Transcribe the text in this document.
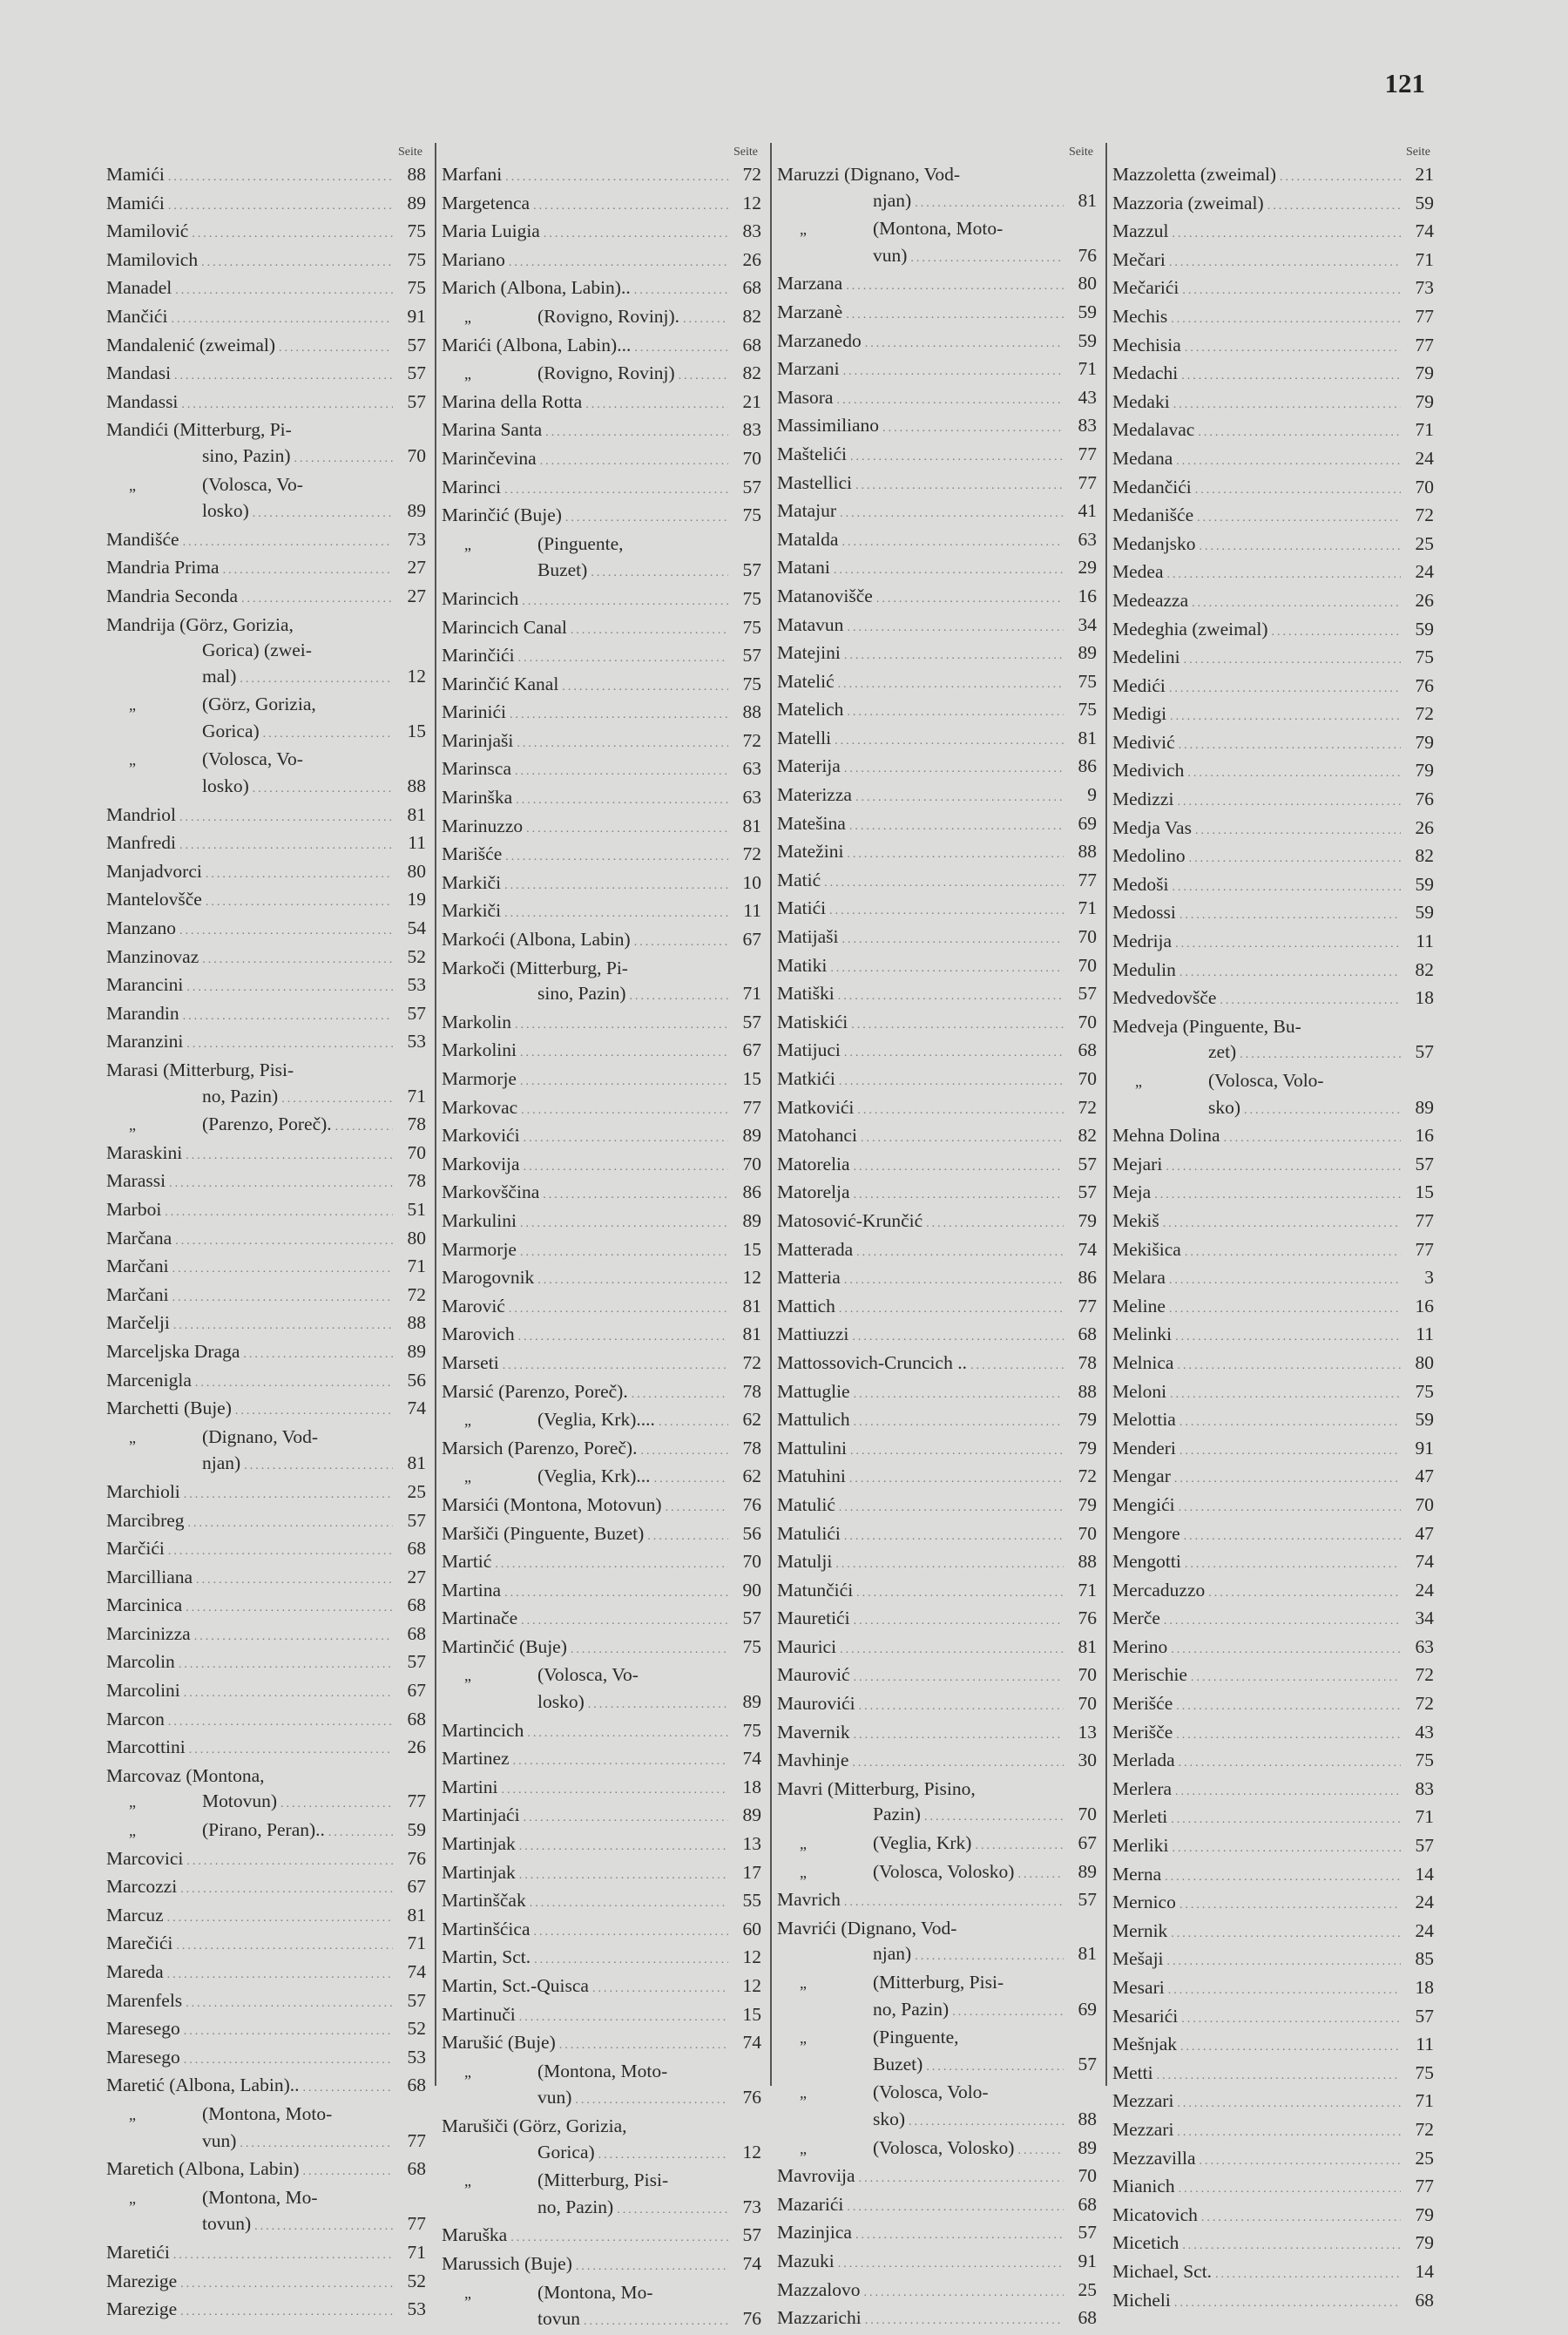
121
Seite
Mamići .....	88
Mamići .....	89
Mamilović .....	75
Mamilovich .....	75
Manadel .....	75
Mančići .....	91
Mandalenić (zweimal) .....	57
Mandasi .....	57
Mandassi .....	57
Mandići (Mitterburg, Pi-
sino, Pazin) .....	70
„	(Volosca, Vo-
losko) .....	89
Mandišće .....	73
Mandria Prima .....	27
Mandria Seconda .....	27
Mandrija (Görz, Gorizia,
Gorica) (zwei-
mal) .....	12
„	(Görz, Gorizia,
Gorica) .....	15
„	(Volosca, Vo-
losko) .....	88
Mandriol .....	81
Manfredi .....	11
Manjadvorci .....	80
Mantelovšče .....	19
Manzano .....	54
Manzinovaz .....	52
Marancini .....	53
Marandin .....	57
Maranzini .....	53
Marasi (Mitterburg, Pisi-
no, Pazin) .....	71
„	(Parenzo, Poreč). .....	78
Maraskini .....	70
Marassi .....	78
Marboi .....	51
Marčana .....	80
Marčani .....	71
Marčani .....	72
Marčelji .....	88
Marceljska Draga .....	89
Marcenigla .....	56
Marchetti (Buje) .....	74
„	(Dignano, Vod-
njan) .....	81
Marchioli .....	25
Marcibreg .....	57
Marčići .....	68
Marcilliana .....	27
Marcinica .....	68
Marcinizza .....	68
Marcolin .....	57
Marcolini .....	67
Marcon .....	68
Marcottini .....	26
Marcovaz (Montona,
„	Motovun) .....	77
„	(Pirano, Peran).. .....	59
Marcovici .....	76
Marcozzi .....	67
Marcuz .....	81
Marečići .....	71
Mareda .....	74
Marenfels .....	57
Maresego .....	52
Maresego .....	53
Maretić (Albona, Labin).. .....	68
„	(Montona, Moto-
vun) .....	77
Maretich (Albona, Labin) .....	68
„	(Montona, Mo-
tovun) .....	77
Maretići .....	71
Marezige .....	52
Marezige .....	53
Seite
Marfani .....	72
Margetenca .....	12
Maria Luigia .....	83
Mariano .....	26
Marich (Albona, Labin).. .....	68
„	(Rovigno, Rovinj). .....	82
Marići (Albona, Labin)... .....	68
„	(Rovigno, Rovinj) .....	82
Marina della Rotta .....	21
Marina Santa .....	83
Marinčevina .....	70
Marinci .....	57
Marinčić (Buje) .....	75
„	(Pinguente,
Buzet) .....	57
Marincich .....	75
Marincich Canal .....	75
Marinčići .....	57
Marinčić Kanal .....	75
Marinići .....	88
Marinjaši .....	72
Marinsca .....	63
Marinška .....	63
Marinuzzo .....	81
Marišće .....	72
Markiči .....	10
Markiči .....	11
Markoći (Albona, Labin) .....	67
Markoči (Mitterburg, Pi-
sino, Pazin) .....	71
Markolin .....	57
Markolini .....	67
Marmorje .....	15
Markovac .....	77
Markovići .....	89
Markovija .....	70
Markovščina .....	86
Markulini .....	89
Marmorje .....	15
Marogovnik .....	12
Marović .....	81
Marovich .....	81
Marseti .....	72
Marsić (Parenzo, Poreč). .....	78
„	(Veglia, Krk).... .....	62
Marsich (Parenzo, Poreč). .....	78
„	(Veglia, Krk)... .....	62
Marsići (Montona, Motovun) .....	76
Maršiči (Pinguente, Buzet) .....	56
Martić .....	70
Martina .....	90
Martinače .....	57
Martinčić (Buje) .....	75
„	(Volosca, Vo-
losko) .....	89
Martincich .....	75
Martinez .....	74
Martini .....	18
Martinjaći .....	89
Martinjak .....	13
Martinjak .....	17
Martinščak .....	55
Martinšćica .....	60
Martin, Sct. .....	12
Martin, Sct.-Quisca .....	12
Martinuči .....	15
Marušić (Buje) .....	74
„	(Montona, Moto-
vun) .....	76
Marušiči (Görz, Gorizia,
Gorica) .....	12
„	(Mitterburg, Pisi-
no, Pazin) .....	73
Maruška .....	57
Marussich (Buje) .....	74
„	(Montona, Mo-
tovun .....	76
Seite
Maruzzi (Dignano, Vod-
njan) .....	81
„	(Montona, Moto-
vun) .....	76
Marzana .....	80
Marzanè .....	59
Marzanedo .....	59
Marzani .....	71
Masora .....	43
Massimiliano .....	83
Maštelići .....	77
Mastellici .....	77
Matajur .....	41
Matalda .....	63
Matani .....	29
Matanovišče .....	16
Matavun .....	34
Matejini .....	89
Matelić .....	75
Matelich .....	75
Matelli .....	81
Materija .....	86
Materizza .....	9
Matešina .....	69
Matežini .....	88
Matić .....	77
Matići .....	71
Matijaši .....	70
Matiki .....	70
Matiški .....	57
Matiskići .....	70
Matijuci .....	68
Matkići .....	70
Matkovići .....	72
Matohanci .....	82
Matorelia .....	57
Matorelja .....	57
Matosović-Krunčić .....	79
Matterada .....	74
Matteria .....	86
Mattich .....	77
Mattiuzzi .....	68
Mattossovich-Cruncich .. .....	78
Mattuglie .....	88
Mattulich .....	79
Mattulini .....	79
Matuhini .....	72
Matulić .....	79
Matulići .....	70
Matulji .....	88
Matunčići .....	71
Mauretići .....	76
Maurici .....	81
Maurović .....	70
Maurovići .....	70
Mavernik .....	13
Mavhinje .....	30
Mavri (Mitterburg, Pisino,
Pazin) .....	70
„	(Veglia, Krk) .....	67
„	(Volosca, Volosko) .....	89
Mavrich .....	57
Mavrići (Dignano, Vod-
njan) .....	81
„	(Mitterburg, Pisi-
no, Pazin) .....	69
„	(Pinguente,
Buzet) .....	57
„	(Volosca, Volo-
sko) .....	88
„	(Volosca, Volosko) .....	89
Mavrovija .....	70
Mazarići .....	68
Mazinjica .....	57
Mazuki .....	91
Mazzalovo .....	25
Mazzarichi .....	68
Seite
Mazzoletta (zweimal) .....	21
Mazzoria (zweimal) .....	59
Mazzul .....	74
Mečari .....	71
Mečarići .....	73
Mechis .....	77
Mechisia .....	77
Medachi .....	79
Medaki .....	79
Medalavac .....	71
Medana .....	24
Medančići .....	70
Medanišće .....	72
Medanjsko .....	25
Medea .....	24
Medeazza .....	26
Medeghia (zweimal) .....	59
Medelini .....	75
Medići .....	76
Medigi .....	72
Medivić .....	79
Medivich .....	79
Medizzi .....	76
Medja Vas .....	26
Medolino .....	82
Medoši .....	59
Medossi .....	59
Medrija .....	11
Medulin .....	82
Medvedovšče .....	18
Medveja (Pinguente, Bu-
zet) .....	57
„	(Volosca, Volo-
sko) .....	89
Mehna Dolina .....	16
Mejari .....	57
Meja .....	15
Mekiš .....	77
Mekišica .....	77
Melara .....	3
Meline .....	16
Melinki .....	11
Melnica .....	80
Meloni .....	75
Melottia .....	59
Menderi .....	91
Mengar .....	47
Mengići .....	70
Mengore .....	47
Mengotti .....	74
Mercaduzzo .....	24
Merče .....	34
Merino .....	63
Merischie .....	72
Merišće .....	72
Merišče .....	43
Merlada .....	75
Merlera .....	83
Merleti .....	71
Merliki .....	57
Merna .....	14
Mernico .....	24
Mernik .....	24
Mešaji .....	85
Mesari .....	18
Mesarići .....	57
Mešnjak .....	11
Metti .....	75
Mezzari .....	71
Mezzari .....	72
Mezzavilla .....	25
Mianich .....	77
Micatovich .....	79
Micetich .....	79
Michael, Sct. .....	14
Micheli .....	68
